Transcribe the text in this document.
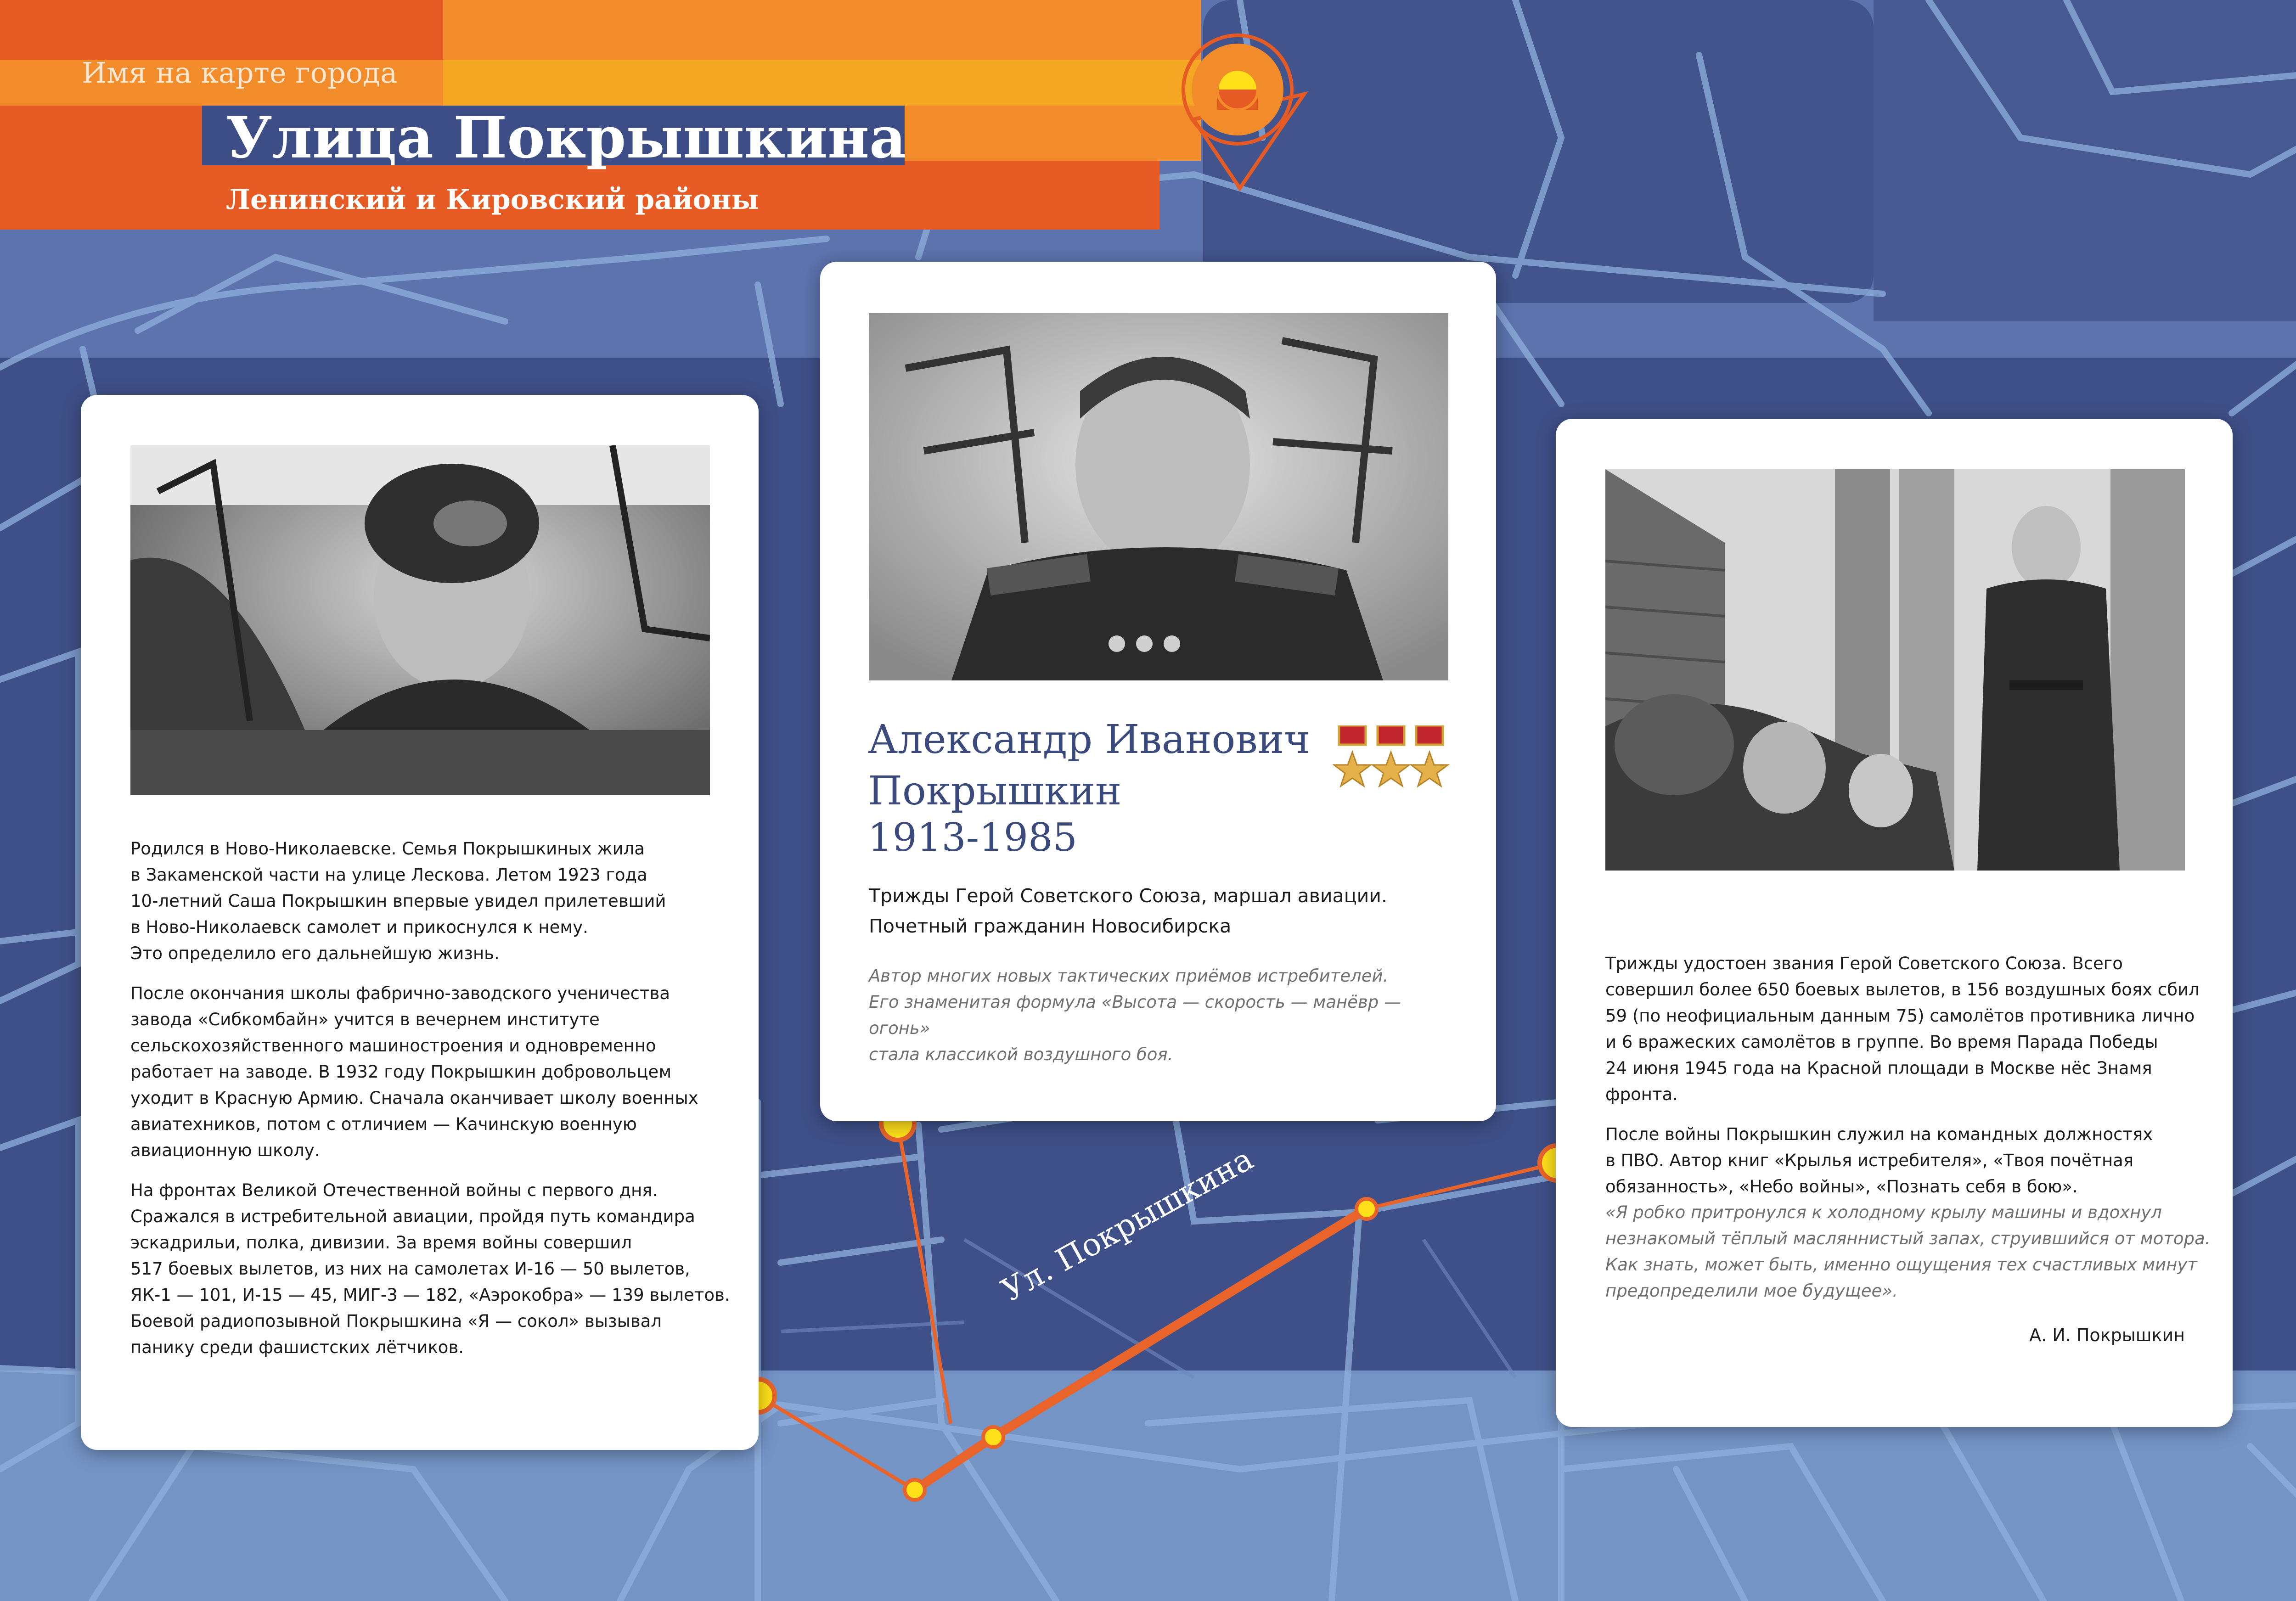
Имя на карте города
Улица Покрышкина
Ленинский и Кировский районы
Ул. Покрышкина

Родился в Ново-Николаевске. Семья Покрышкиных жила
в Закаменской части на улице Лескова. Летом 1923 года
10-летний Саша Покрышкин впервые увидел прилетевший
в Ново-Николаевск самолет и прикоснулся к нему.
Это определило его дальнейшую жизнь.

После окончания школы фабрично-заводского ученичества
завода «Сибкомбайн» учится в вечернем институте
сельскохозяйственного машиностроения и одновременно
работает на заводе. В 1932 году Покрышкин добровольцем
уходит в Красную Армию. Сначала оканчивает школу военных
авиатехников, потом с отличием — Качинскую военную
авиационную школу.

На фронтах Великой Отечественной войны с первого дня.
Сражался в истребительной авиации, пройдя путь командира
эскадрильи, полка, дивизии. За время войны совершил
517 боевых вылетов, из них на самолетах И-16 — 50 вылетов,
ЯК-1 — 101, И-15 — 45, МИГ-3 — 182, «Аэрокобра» — 139 вылетов.
Боевой радиопозывной Покрышкина «Я — сокол» вызывал
панику среди фашистских лётчиков.

Александр Иванович
Покрышкин
1913-1985
Трижды Герой Советского Союза, маршал авиации.
Почетный гражданин Новосибирска
Автор многих новых тактических приёмов истребителей.
Его знаменитая формула «Высота — скорость — манёвр — огонь»
стала классикой воздушного боя.

Трижды удостоен звания Герой Советского Союза. Всего
совершил более 650 боевых вылетов, в 156 воздушных боях сбил
59 (по неофициальным данным 75) самолётов противника лично
и 6 вражеских самолётов в группе. Во время Парада Победы
24 июня 1945 года на Красной площади в Москве нёс Знамя фронта.

После войны Покрышкин служил на командных должностях
в ПВО. Автор книг «Крылья истребителя», «Твоя почётная
обязанность», «Небо войны», «Познать себя в бою».

«Я робко притронулся к холодному крылу машины и вдохнул
незнакомый тёплый масляннистый запах, струившийся от мотора.
Как знать, может быть, именно ощущения тех счастливых минут
предопределили мое будущее».
А. И. Покрышкин
